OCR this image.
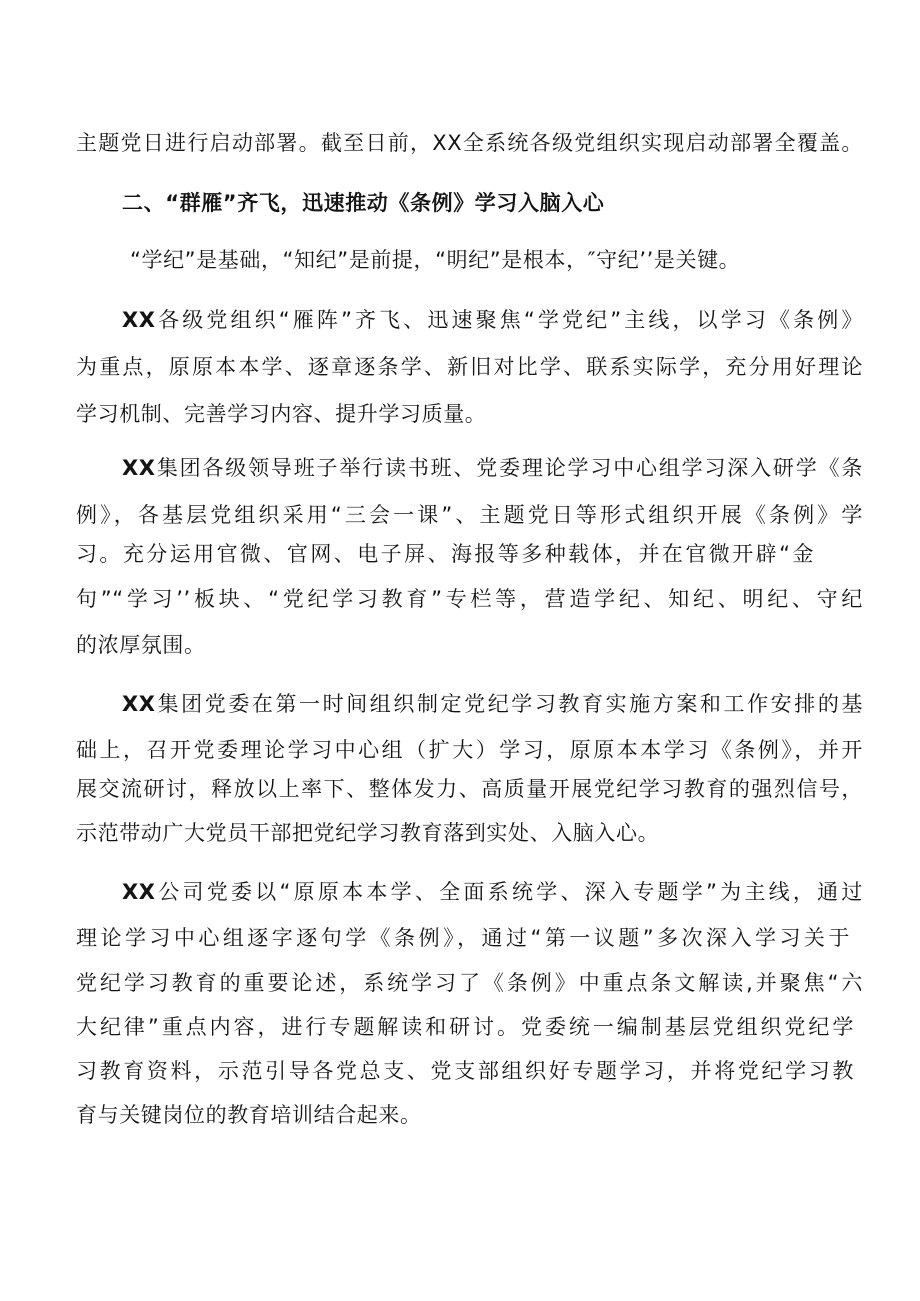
主题党日进行启动部署。截至日前，XX全系统各级党组织实现启动部署全覆盖。
二、“群雁”齐飞，迅速推动《条例》学习入脑入心
“学纪”是基础，“知纪”是前提，“明纪”是根本，″守纪’’是关键。
XX各级党组织“雁阵”齐飞、迅速聚焦“学党纪”主线，以学习《条例》
为重点，原原本本学、逐章逐条学、新旧对比学、联系实际学，充分用好理论
学习机制、完善学习内容、提升学习质量。
XX集团各级领导班子举行读书班、党委理论学习中心组学习深入研学《条
例》，各基层党组织采用“三会一课”、主题党日等形式组织开展《条例》学
习。充分运用官微、官网、电子屏、海报等多种载体，并在官微开辟“金
句”“学习’’板块、“党纪学习教育”专栏等，营造学纪、知纪、明纪、守纪
的浓厚氛围。
XX集团党委在第一时间组织制定党纪学习教育实施方案和工作安排的基
础上，召开党委理论学习中心组（扩大）学习，原原本本学习《条例》，并开
展交流研讨，释放以上率下、整体发力、高质量开展党纪学习教育的强烈信号，
示范带动广大党员干部把党纪学习教育落到实处、入脑入心。
XX公司党委以“原原本本学、全面系统学、深入专题学”为主线，通过
理论学习中心组逐字逐句学《条例》，通过“第一议题”多次深入学习关于
党纪学习教育的重要论述，系统学习了《条例》中重点条文解读,并聚焦“六
大纪律”重点内容，进行专题解读和研讨。党委统一编制基层党组织党纪学
习教育资料，示范引导各党总支、党支部组织好专题学习，并将党纪学习教
育与关键岗位的教育培训结合起来。
